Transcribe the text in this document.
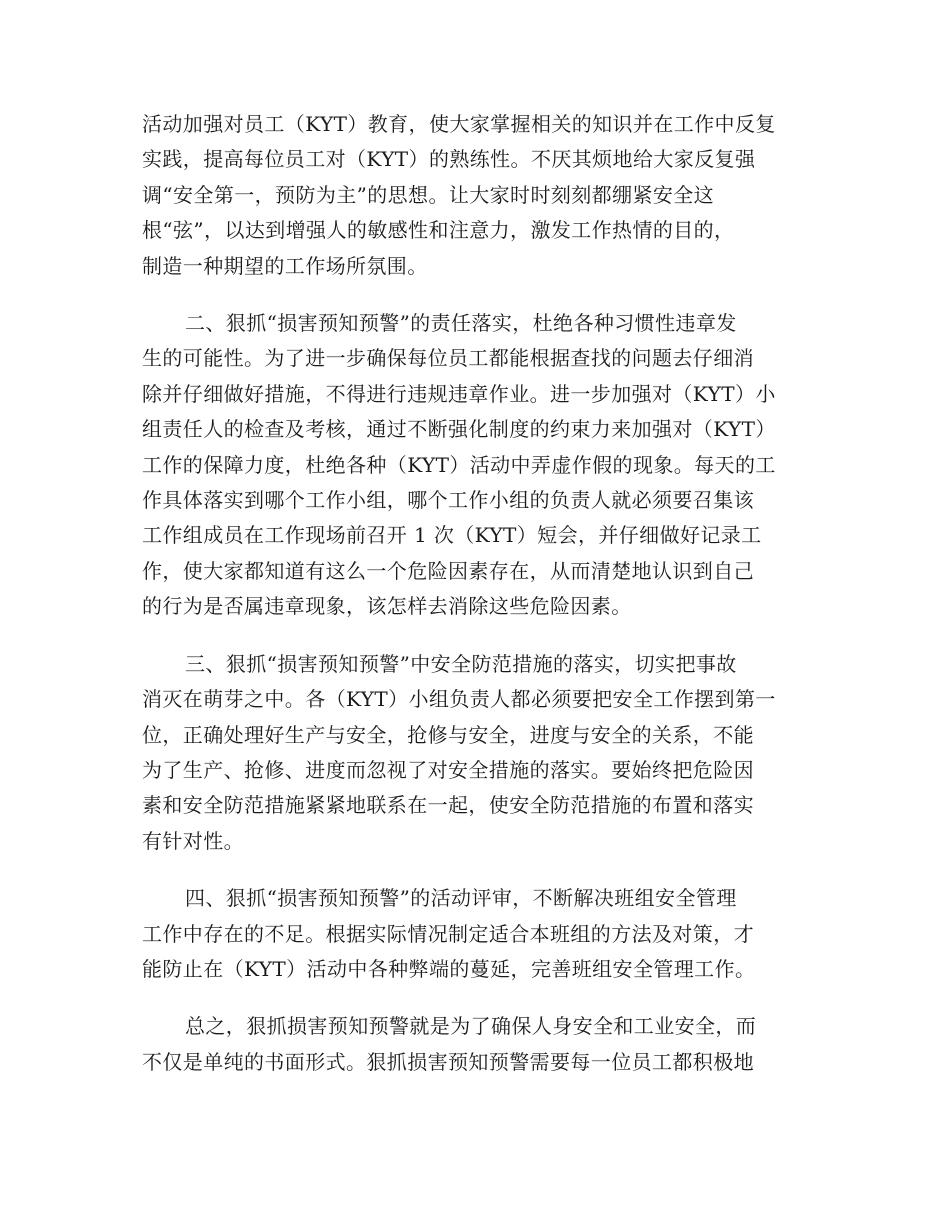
活动加强对员工（KYT）教育，使大家掌握相关的知识并在工作中反复
实践，提高每位员工对（KYT）的熟练性。不厌其烦地给大家反复强
调“安全第一，预防为主”的思想。让大家时时刻刻都绷紧安全这
根“弦”，以达到增强人的敏感性和注意力，激发工作热情的目的，
制造一种期望的工作场所氛围。
二、狠抓“损害预知预警”的责任落实，杜绝各种习惯性违章发
生的可能性。为了进一步确保每位员工都能根据查找的问题去仔细消
除并仔细做好措施，不得进行违规违章作业。进一步加强对（KYT）小
组责任人的检查及考核，通过不断强化制度的约束力来加强对（KYT）
工作的保障力度，杜绝各种（KYT）活动中弄虚作假的现象。每天的工
作具体落实到哪个工作小组，哪个工作小组的负责人就必须要召集该
工作组成员在工作现场前召开 1 次（KYT）短会，并仔细做好记录工
作，使大家都知道有这么一个危险因素存在，从而清楚地认识到自己
的行为是否属违章现象，该怎样去消除这些危险因素。
三、狠抓“损害预知预警”中安全防范措施的落实，切实把事故
消灭在萌芽之中。各（KYT）小组负责人都必须要把安全工作摆到第一
位，正确处理好生产与安全，抢修与安全，进度与安全的关系，不能
为了生产、抢修、进度而忽视了对安全措施的落实。要始终把危险因
素和安全防范措施紧紧地联系在一起，使安全防范措施的布置和落实
有针对性。
四、狠抓“损害预知预警”的活动评审，不断解决班组安全管理
工作中存在的不足。根据实际情况制定适合本班组的方法及对策，才
能防止在（KYT）活动中各种弊端的蔓延，完善班组安全管理工作。
总之，狠抓损害预知预警就是为了确保人身安全和工业安全，而
不仅是单纯的书面形式。狠抓损害预知预警需要每一位员工都积极地
